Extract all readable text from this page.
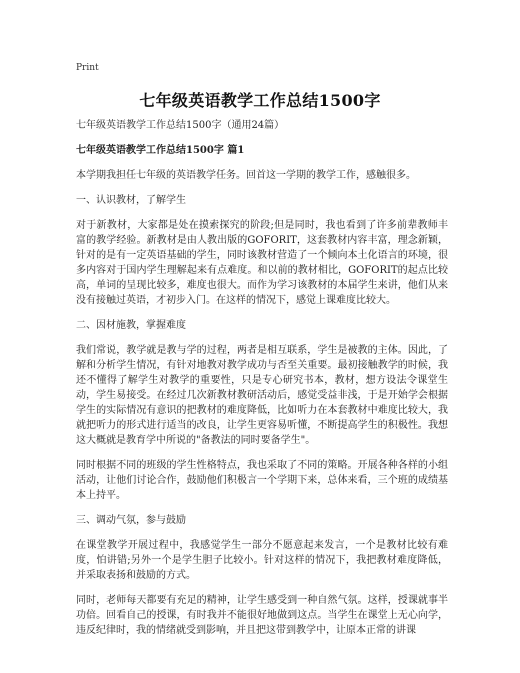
Print
七年级英语教学工作总结1500字
七年级英语教学工作总结1500字（通用24篇）
七年级英语教学工作总结1500字 篇1

本学期我担任七年级的英语教学任务。回首这一学期的教学工作，感触很多。

一、认识教材，了解学生

对于新教材，大家都是处在摸索探究的阶段;但是同时，我也看到了许多前辈教师丰富的教学经验。新教材是由人教出版的GOFORIT，这套教材内容丰富，理念新颖，针对的是有一定英语基础的学生，同时该教材营造了一个倾向本土化语言的环境，很多内容对于国内学生理解起来有点难度。和以前的教材相比，GOFORIT的起点比较高，单词的呈现比较多，难度也很大。而作为学习该教材的本届学生来讲，他们从来没有接触过英语，才初步入门。在这样的情况下，感觉上课难度比较大。

二、因材施教，掌握难度

我们常说，教学就是教与学的过程，两者是相互联系，学生是被教的主体。因此，了解和分析学生情况，有针对地教对教学成功与否至关重要。最初接触教学的时候，我还不懂得了解学生对教学的重要性，只是专心研究书本，教材，想方设法令课堂生动，学生易接受。在经过几次新教材教研活动后，感觉受益非浅，于是开始学会根据学生的实际情况有意识的把教材的难度降低，比如听力在本套教材中难度比较大，我就把听力的形式进行适当的改良，让学生更容易听懂，不断提高学生的积极性。我想这大概就是教育学中所说的"备教法的同时要备学生"。

同时根据不同的班级的学生性格特点，我也采取了不同的策略。开展各种各样的小组活动，让他们讨论合作，鼓励他们积极言一个学期下来，总体来看，三个班的成绩基本上持平。

三、调动气氛，参与鼓励

在课堂教学开展过程中，我感觉学生一部分不愿意起来发言，一个是教材比较有难度，怕讲错;另外一个是学生胆子比较小。针对这样的情况下，我把教材难度降低，并采取表扬和鼓励的方式。

同时，老师每天都要有充足的精神，让学生感受到一种自然气氛。这样，授课就事半功倍。回看自己的授课，有时我并不能很好地做到这点。当学生在课堂上无心向学，违反纪律时，我的情绪就受到影响，并且把这带到教学中，让原本正常的讲课
